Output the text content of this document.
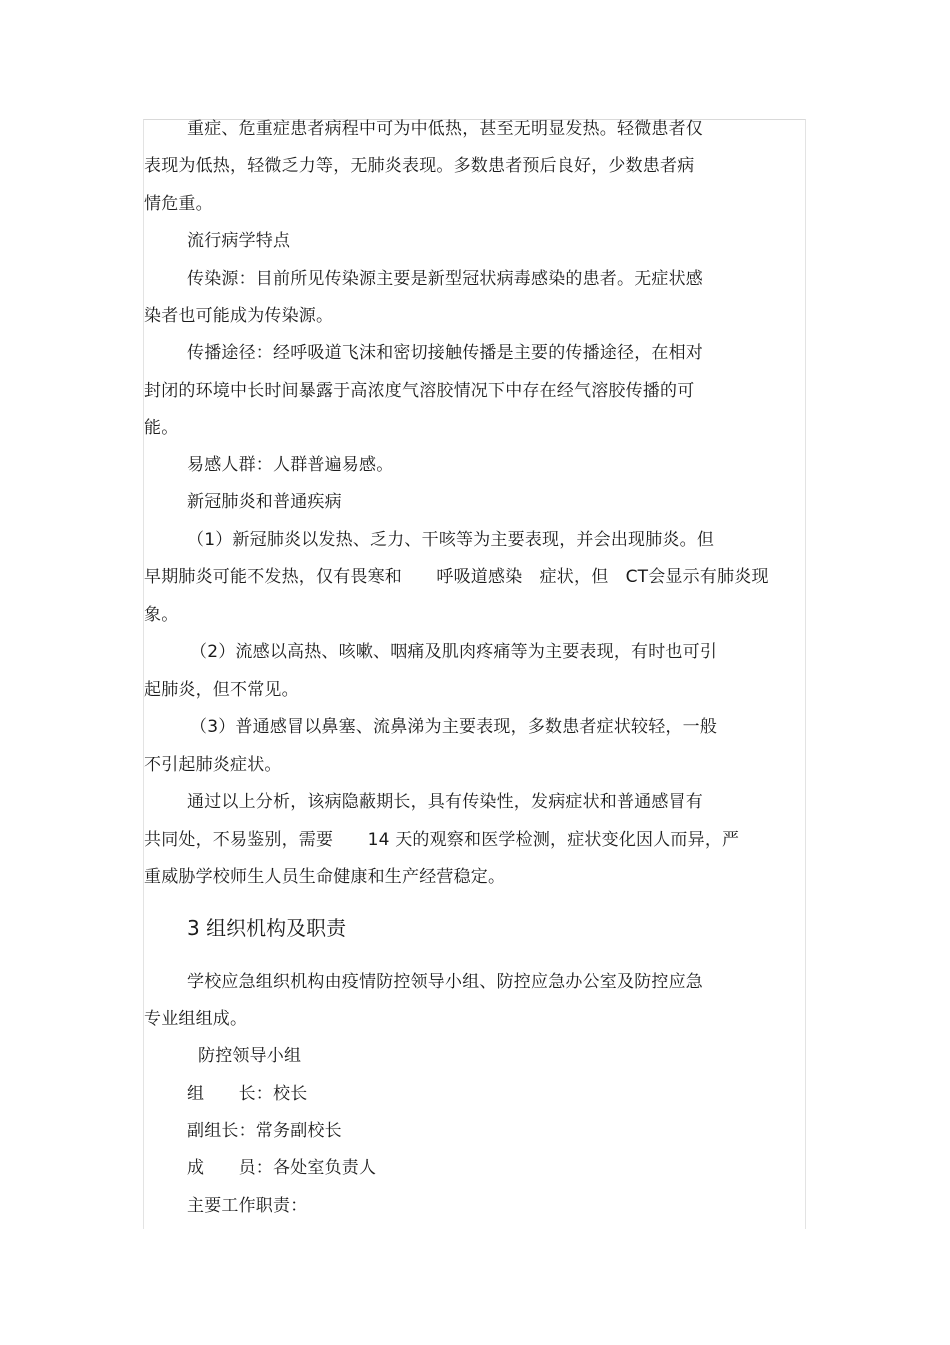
重症、危重症患者病程中可为中低热，甚至无明显发热。轻微患者仅
表现为低热，轻微乏力等，无肺炎表现。多数患者预后良好，少数患者病
情危重。
流行病学特点
传染源：目前所见传染源主要是新型冠状病毒感染的患者。无症状感
染者也可能成为传染源。
传播途径：经呼吸道飞沫和密切接触传播是主要的传播途径，在相对
封闭的环境中长时间暴露于高浓度气溶胶情况下中存在经气溶胶传播的可
能。
易感人群：人群普遍易感。
新冠肺炎和普通疾病
（1）新冠肺炎以发热、乏力、干咳等为主要表现，并会出现肺炎。但
早期肺炎可能不发热，仅有畏寒和　　呼吸道感染　症状，但　CT会显示有肺炎现
象。
（2）流感以高热、咳嗽、咽痛及肌肉疼痛等为主要表现，有时也可引
起肺炎，但不常见。
（3）普通感冒以鼻塞、流鼻涕为主要表现，多数患者症状较轻，一般
不引起肺炎症状。
通过以上分析，该病隐蔽期长，具有传染性，发病症状和普通感冒有
共同处，不易鉴别，需要　　14 天的观察和医学检测，症状变化因人而异，严
重威胁学校师生人员生命健康和生产经营稳定。
3 组织机构及职责
学校应急组织机构由疫情防控领导小组、防控应急办公室及防控应急
专业组组成。
防控领导小组
组　　长：校长
副组长：常务副校长
成　　员：各处室负责人
主要工作职责：
